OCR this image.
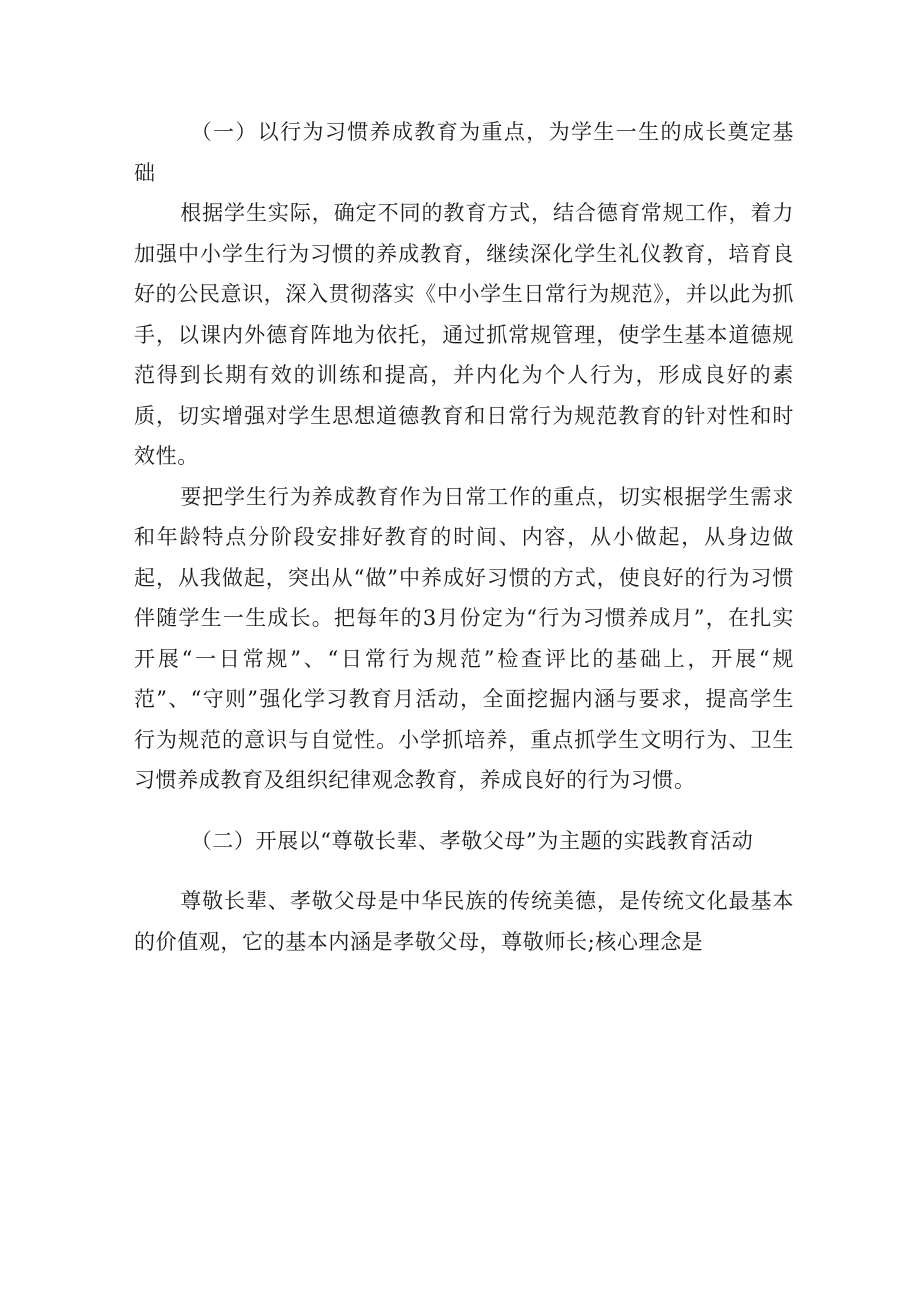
（一）以行为习惯养成教育为重点，为学生一生的成长奠定基础

根据学生实际，确定不同的教育方式，结合德育常规工作，着力加强中小学生行为习惯的养成教育，继续深化学生礼仪教育，培育良好的公民意识，深入贯彻落实《中小学生日常行为规范》，并以此为抓手，以课内外德育阵地为依托，通过抓常规管理，使学生基本道德规范得到长期有效的训练和提高，并内化为个人行为，形成良好的素质，切实增强对学生思想道德教育和日常行为规范教育的针对性和时效性。

要把学生行为养成教育作为日常工作的重点，切实根据学生需求和年龄特点分阶段安排好教育的时间、内容，从小做起，从身边做起，从我做起，突出从“做”中养成好习惯的方式，使良好的行为习惯伴随学生一生成长。把每年的3月份定为“行为习惯养成月”，在扎实开展“一日常规”、“日常行为规范”检查评比的基础上，开展“规范”、“守则”强化学习教育月活动，全面挖掘内涵与要求，提高学生行为规范的意识与自觉性。小学抓培养，重点抓学生文明行为、卫生习惯养成教育及组织纪律观念教育，养成良好的行为习惯。

（二）开展以“尊敬长辈、孝敬父母”为主题的实践教育活动

尊敬长辈、孝敬父母是中华民族的传统美德，是传统文化最基本的价值观，它的基本内涵是孝敬父母，尊敬师长;核心理念是
